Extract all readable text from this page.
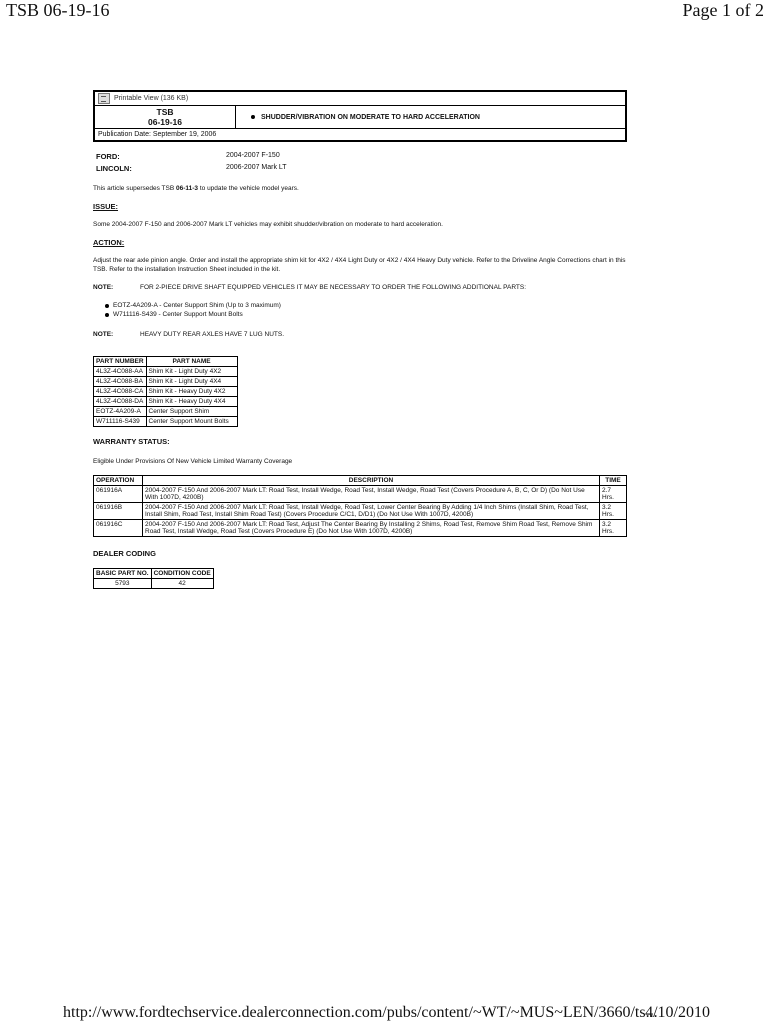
TSB 06-19-16	Page 1 of 2
Printable View (136 KB)
TSB
06-19-16	SHUDDER/VIBRATION ON MODERATE TO HARD ACCELERATION
Publication Date: September 19, 2006
FORD:	2004-2007 F-150
LINCOLN:	2006-2007 Mark LT

This article supersedes TSB 06-11-3 to update the vehicle model years.

ISSUE:

Some 2004-2007 F-150 and 2006-2007 Mark LT vehicles may exhibit shudder/vibration on moderate to hard acceleration.

ACTION:

Adjust the rear axle pinion angle. Order and install the appropriate shim kit for 4X2 / 4X4 Light Duty or 4X2 / 4X4 Heavy Duty vehicle. Refer to the Driveline Angle Corrections chart in this TSB. Refer to the installation Instruction Sheet included in the kit.

NOTE:	FOR 2-PIECE DRIVE SHAFT EQUIPPED VEHICLES IT MAY BE NECESSARY TO ORDER THE FOLLOWING ADDITIONAL PARTS:
EOTZ-4A209-A - Center Support Shim (Up to 3 maximum)
W711116-S439 - Center Support Mount Bolts
NOTE:	HEAVY DUTY REAR AXLES HAVE 7 LUG NUTS.
PART NUMBER	PART NAME
4L3Z-4C088-AA	Shim Kit - Light Duty 4X2
4L3Z-4C088-BA	Shim Kit - Light Duty 4X4
4L3Z-4C088-CA	Shim Kit - Heavy Duty 4X2
4L3Z-4C088-DA	Shim Kit - Heavy Duty 4X4
EOTZ-4A209-A	Center Support Shim
W711116-S439	Center Support Mount Bolts

WARRANTY STATUS:

Eligible Under Provisions Of New Vehicle Limited Warranty Coverage

OPERATION	DESCRIPTION	TIME
061916A	2004-2007 F-150 And 2006-2007 Mark LT: Road Test, Install Wedge, Road Test, Install Wedge, Road Test (Covers Procedure A, B, C, Or D) (Do Not Use With 1007D, 4200B)	2.7 Hrs.
061916B	2004-2007 F-150 And 2006-2007 Mark LT: Road Test, Install Wedge, Road Test, Lower Center Bearing By Adding 1/4 Inch Shims (Install Shim, Road Test, Install Shim, Road Test, Install Shim Road Test) (Covers Procedure C/C1, D/D1) (Do Not Use With 1007D, 4200B)	3.2 Hrs.
061916C	2004-2007 F-150 And 2006-2007 Mark LT: Road Test, Adjust The Center Bearing By Installing 2 Shims, Road Test, Remove Shim Road Test, Remove Shim Road Test, Install Wedge, Road Test (Covers Procedure E) (Do Not Use With 1007D, 4200B)	3.2 Hrs.

DEALER CODING

BASIC PART NO.	CONDITION CODE
5793	42
http://www.fordtechservice.dealerconnection.com/pubs/content/~WT/~MUS~LEN/3660/ts...
4/10/2010
